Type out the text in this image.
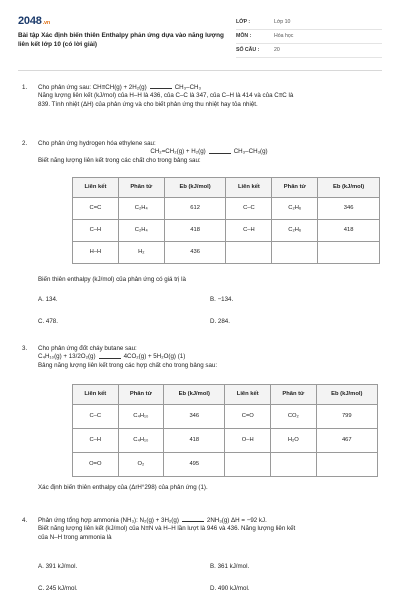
2048.vn
Bài tập Xác định biến thiên Enthalpy phản ứng dựa vào năng lượng liên kết lớp 10 (có lời giải)
LỚP :	Lớp 10
MÔN :	Hóa học
SỐ CÂU :	20
1.	Cho phản ứng sau: CH≡CH(g) + 2H₂(g)	CH₃–CH₃
Năng lượng liên kết (kJ/mol) của H–H là 436, của C–C là 347, của C–H là 414 và của C≡C là
839. Tính nhiệt (ΔH) của phản ứng và cho biết phản ứng thu nhiệt hay tỏa nhiệt.
2.	Cho phản ứng hydrogen hóa ethylene sau:
CH₂=CH₂(g) + H₂(g)	CH₃–CH₃(g)
Biết năng lượng liên kết trong các chất cho trong bảng sau:
Liên kết	Phân tử	Eb (kJ/mol)	Liên kết	Phân tử	Eb (kJ/mol)
C=C	C₂H₄	612	C–C	C₂H₆	346
C–H	C₂H₄	418	C–H	C₂H₆	418
H–H	H₂	436			
Biến thiên enthalpy (kJ/mol) của phản ứng có giá trị là
A. 134.	B. −134.
C. 478.	D. 284.
3.	Cho phản ứng đốt cháy butane sau:
C₄H₁₀(g) + 13/2O₂(g)	4CO₂(g) + 5H₂O(g) (1)
Bảng năng lượng liên kết trong các hợp chất cho trong bảng sau:
Liên kết	Phân tử	Eb (kJ/mol)	Liên kết	Phân tử	Eb (kJ/mol)
C–C	C₄H₁₀	346	C=O	CO₂	799
C–H	C₄H₁₀	418	O–H	H₂O	467
O=O	O₂	495			
Xác định biến thiên enthalpy của (ΔrH°298) của phản ứng (1).
4.	Phản ứng tổng hợp ammonia (NH₃): N₂(g) + 3H₂(g)	2NH₃(g) ΔH = −92 kJ.
Biết năng lượng liên kết (kJ/mol) của N≡N và H–H lần lượt là 946 và 436. Năng lượng liên kết
của N–H trong ammonia là
A. 391 kJ/mol.	B. 361 kJ/mol.
C. 245 kJ/mol.	D. 490 kJ/mol.
